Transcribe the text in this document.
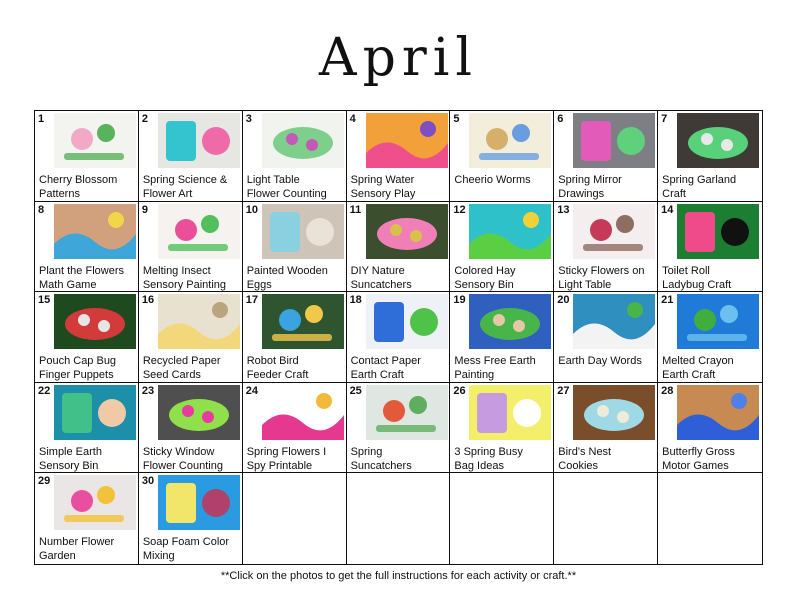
April
1
Cherry Blossom
Patterns
2
Spring Science &
Flower Art
3
Light Table
Flower Counting
4
Spring Water
Sensory Play
5
Cheerio Worms
6
Spring Mirror
Drawings
7
Spring Garland
Craft
8
Plant the Flowers
Math Game
9
Melting Insect
Sensory Painting
10
Painted Wooden
Eggs
11
DIY Nature
Suncatchers
12
Colored Hay
Sensory Bin
13
Sticky Flowers on
Light Table
14
Toilet Roll
Ladybug Craft
15
Pouch Cap Bug
Finger Puppets
16
Recycled Paper
Seed Cards
17
Robot Bird
Feeder Craft
18
Contact Paper
Earth Craft
19
Mess Free Earth
Painting
20
Earth Day Words
21
Melted Crayon
Earth Craft
22
Simple Earth
Sensory Bin
23
Sticky Window
Flower Counting
24
Spring Flowers I
Spy Printable
25
Spring
Suncatchers
26
3 Spring Busy
Bag Ideas
27
Bird's Nest
Cookies
28
Butterfly Gross
Motor Games
29
Number Flower
Garden
30
Soap Foam Color
Mixing
**Click on the photos to get the full instructions for each activity or craft.**
